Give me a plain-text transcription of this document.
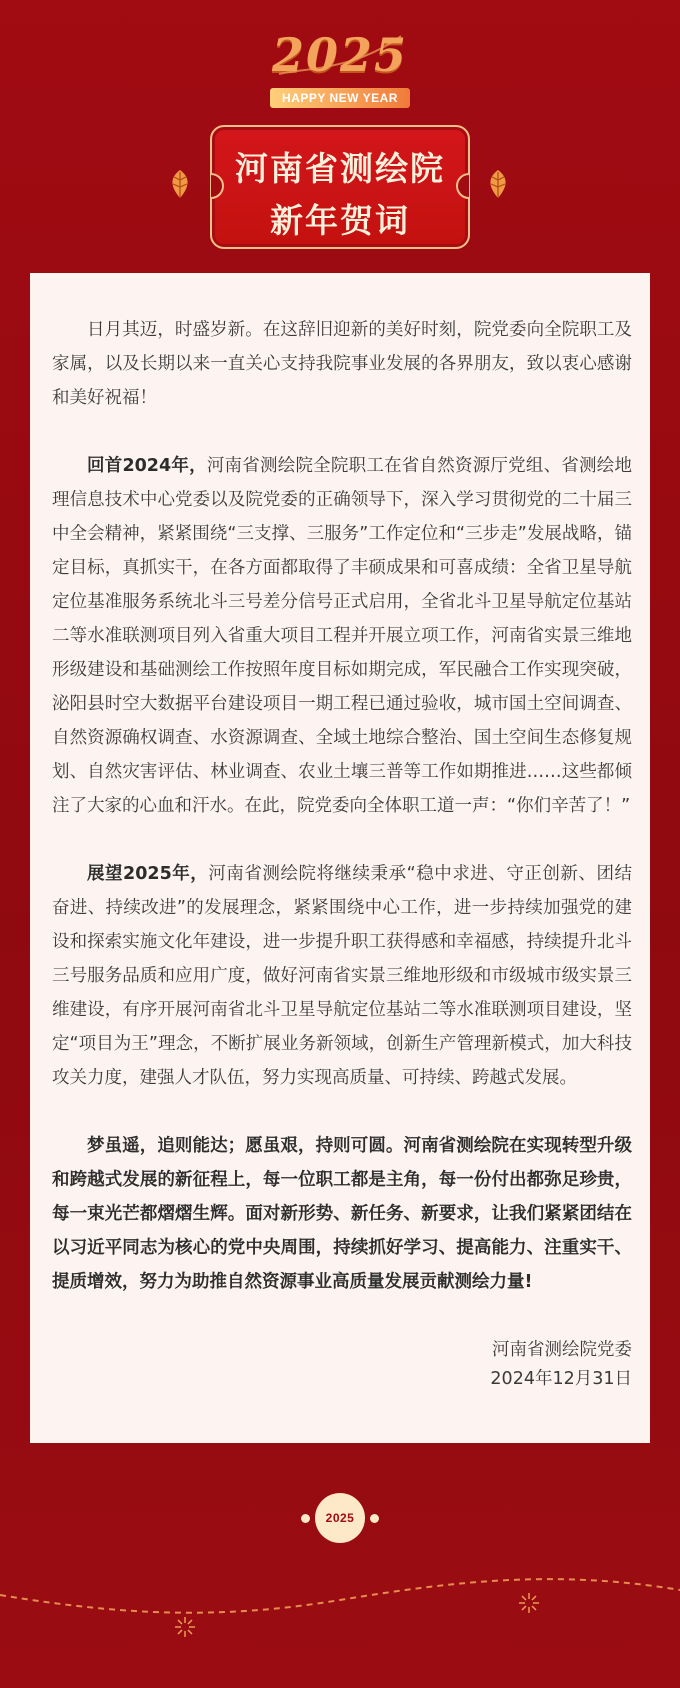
2025
HAPPY NEW YEAR
河南省测绘院
新年贺词

日月其迈，时盛岁新。在这辞旧迎新的美好时刻，院党委向全院职工及家属，以及长期以来一直关心支持我院事业发展的各界朋友，致以衷心感谢和美好祝福！

回首2024年，河南省测绘院全院职工在省自然资源厅党组、省测绘地理信息技术中心党委以及院党委的正确领导下，深入学习贯彻党的二十届三中全会精神，紧紧围绕“三支撑、三服务”工作定位和“三步走”发展战略，锚定目标，真抓实干，在各方面都取得了丰硕成果和可喜成绩：全省卫星导航定位基准服务系统北斗三号差分信号正式启用，全省北斗卫星导航定位基站二等水准联测项目列入省重大项目工程并开展立项工作，河南省实景三维地形级建设和基础测绘工作按照年度目标如期完成，军民融合工作实现突破，泌阳县时空大数据平台建设项目一期工程已通过验收，城市国土空间调查、自然资源确权调查、水资源调查、全域土地综合整治、国土空间生态修复规划、自然灾害评估、林业调查、农业土壤三普等工作如期推进……这些都倾注了大家的心血和汗水。在此，院党委向全体职工道一声：“你们辛苦了！”

展望2025年，河南省测绘院将继续秉承“稳中求进、守正创新、团结奋进、持续改进”的发展理念，紧紧围绕中心工作，进一步持续加强党的建设和探索实施文化年建设，进一步提升职工获得感和幸福感，持续提升北斗三号服务品质和应用广度，做好河南省实景三维地形级和市级城市级实景三维建设，有序开展河南省北斗卫星导航定位基站二等水准联测项目建设，坚定“项目为王”理念，不断扩展业务新领域，创新生产管理新模式，加大科技攻关力度，建强人才队伍，努力实现高质量、可持续、跨越式发展。

梦虽遥，追则能达；愿虽艰，持则可圆。河南省测绘院在实现转型升级和跨越式发展的新征程上，每一位职工都是主角，每一份付出都弥足珍贵，每一束光芒都熠熠生辉。面对新形势、新任务、新要求，让我们紧紧团结在以习近平同志为核心的党中央周围，持续抓好学习、提高能力、注重实干、提质增效，努力为助推自然资源事业高质量发展贡献测绘力量!

河南省测绘院党委
2024年12月31日
2025
